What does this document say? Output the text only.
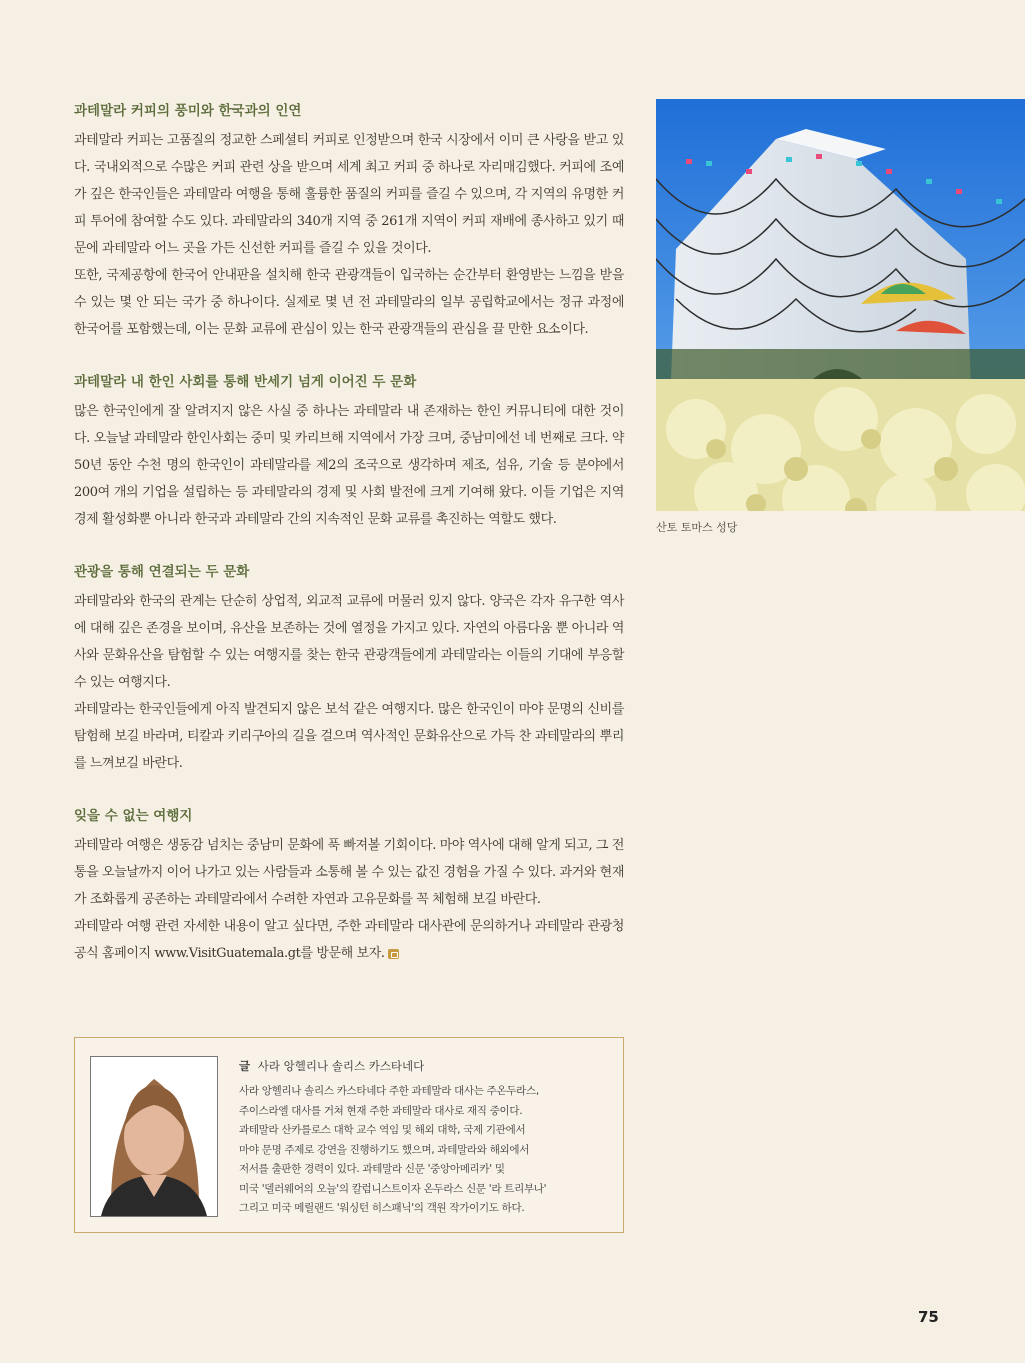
과테말라 커피의 풍미와 한국과의 인연

과테말라 커피는 고품질의 정교한 스페셜티 커피로 인정받으며 한국 시장에서 이미 큰 사랑을 받고 있다. 국내외적으로 수많은 커피 관련 상을 받으며 세계 최고 커피 중 하나로 자리매김했다. 커피에 조예가 깊은 한국인들은 과테말라 여행을 통해 훌륭한 품질의 커피를 즐길 수 있으며, 각 지역의 유명한 커피 투어에 참여할 수도 있다. 과테말라의 340개 지역 중 261개 지역이 커피 재배에 종사하고 있기 때문에 과테말라 어느 곳을 가든 신선한 커피를 즐길 수 있을 것이다.

또한, 국제공항에 한국어 안내판을 설치해 한국 관광객들이 입국하는 순간부터 환영받는 느낌을 받을 수 있는 몇 안 되는 국가 중 하나이다. 실제로 몇 년 전 과테말라의 일부 공립학교에서는 정규 과정에 한국어를 포함했는데, 이는 문화 교류에 관심이 있는 한국 관광객들의 관심을 끌 만한 요소이다.

과테말라 내 한인 사회를 통해 반세기 넘게 이어진 두 문화

많은 한국인에게 잘 알려지지 않은 사실 중 하나는 과테말라 내 존재하는 한인 커뮤니티에 대한 것이다. 오늘날 과테말라 한인사회는 중미 및 카리브해 지역에서 가장 크며, 중남미에선 네 번째로 크다. 약 50년 동안 수천 명의 한국인이 과테말라를 제2의 조국으로 생각하며 제조, 섬유, 기술 등 분야에서 200여 개의 기업을 설립하는 등 과테말라의 경제 및 사회 발전에 크게 기여해 왔다. 이들 기업은 지역 경제 활성화뿐 아니라 한국과 과테말라 간의 지속적인 문화 교류를 촉진하는 역할도 했다.

관광을 통해 연결되는 두 문화

과테말라와 한국의 관계는 단순히 상업적, 외교적 교류에 머물러 있지 않다. 양국은 각자 유구한 역사에 대해 깊은 존경을 보이며, 유산을 보존하는 것에 열정을 가지고 있다. 자연의 아름다움 뿐 아니라 역사와 문화유산을 탐험할 수 있는 여행지를 찾는 한국 관광객들에게 과테말라는 이들의 기대에 부응할 수 있는 여행지다.

과테말라는 한국인들에게 아직 발견되지 않은 보석 같은 여행지다. 많은 한국인이 마야 문명의 신비를 탐험해 보길 바라며, 티칼과 키리구아의 길을 걸으며 역사적인 문화유산으로 가득 찬 과테말라의 뿌리를 느껴보길 바란다.

잊을 수 없는 여행지

과테말라 여행은 생동감 넘치는 중남미 문화에 푹 빠져볼 기회이다. 마야 역사에 대해 알게 되고, 그 전통을 오늘날까지 이어 나가고 있는 사람들과 소통해 볼 수 있는 값진 경험을 가질 수 있다. 과거와 현재가 조화롭게 공존하는 과테말라에서 수려한 자연과 고유문화를 꼭 체험해 보길 바란다.

과테말라 여행 관련 자세한 내용이 알고 싶다면, 주한 과테말라 대사관에 문의하거나 과테말라 관광청 공식 홈페이지 www.VisitGuatemala.gt를 방문해 보자.

산토 토마스 성당
글 사라 앙헬리나 솔리스 카스타네다
사라 앙헬리나 솔리스 카스타네다 주한 과테말라 대사는 주온두라스,
주이스라엘 대사를 거쳐 현재 주한 과테말라 대사로 재직 중이다.
과테말라 산카를로스 대학 교수 역임 및 해외 대학, 국제 기관에서
마야 문명 주제로 강연을 진행하기도 했으며, 과테말라와 해외에서
저서를 출판한 경력이 있다. 과테말라 신문 '중앙아메리카' 및
미국 '델러웨어의 오늘'의 칼럼니스트이자 온두라스 신문 '라 트리부나'
그리고 미국 메릴랜드 '워싱턴 히스패닉'의 객원 작가이기도 하다.
75
